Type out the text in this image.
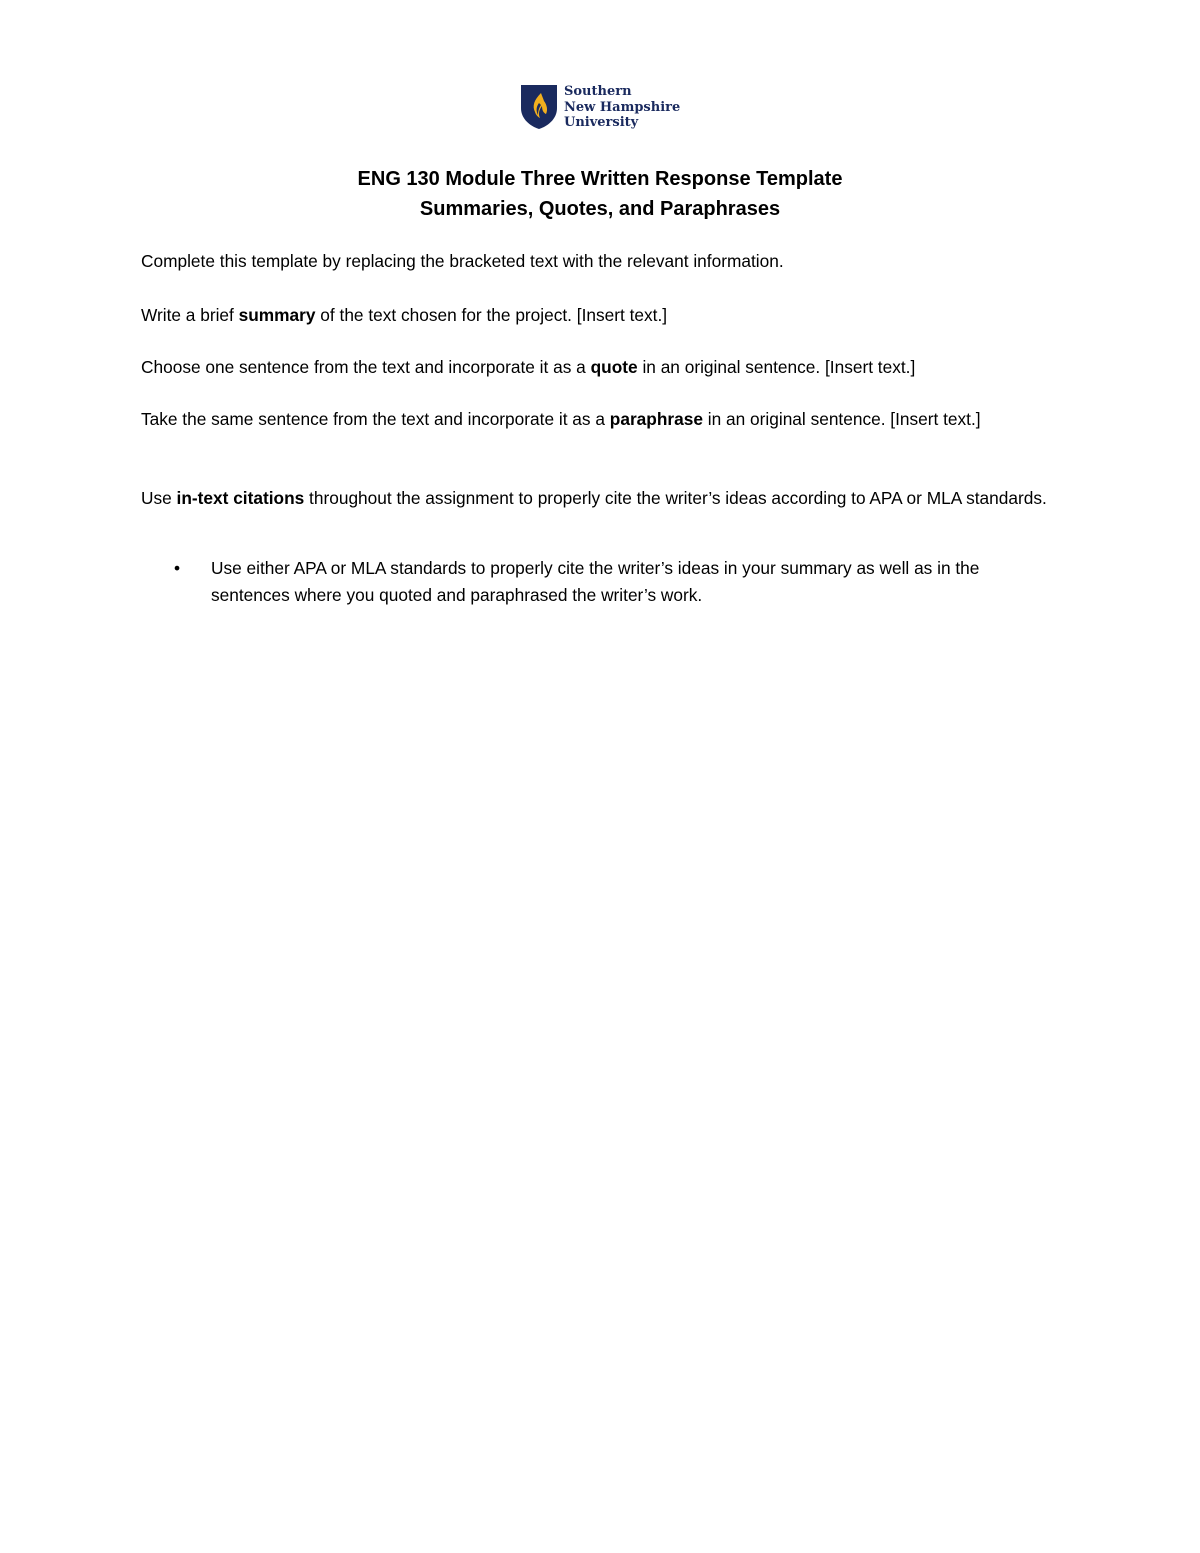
Southern
New Hampshire
University
ENG 130 Module Three Written Response Template
Summaries, Quotes, and Paraphrases
Complete this template by replacing the bracketed text with the relevant information.
Write a brief summary of the text chosen for the project. [Insert text.]
Choose one sentence from the text and incorporate it as a quote in an original sentence. [Insert text.]
Take the same sentence from the text and incorporate it as a paraphrase in an original sentence. [Insert text.]
Use in-text citations throughout the assignment to properly cite the writer’s ideas according to APA or MLA standards.
• Use either APA or MLA standards to properly cite the writer’s ideas in your summary as well as in the sentences where you quoted and paraphrased the writer’s work.
